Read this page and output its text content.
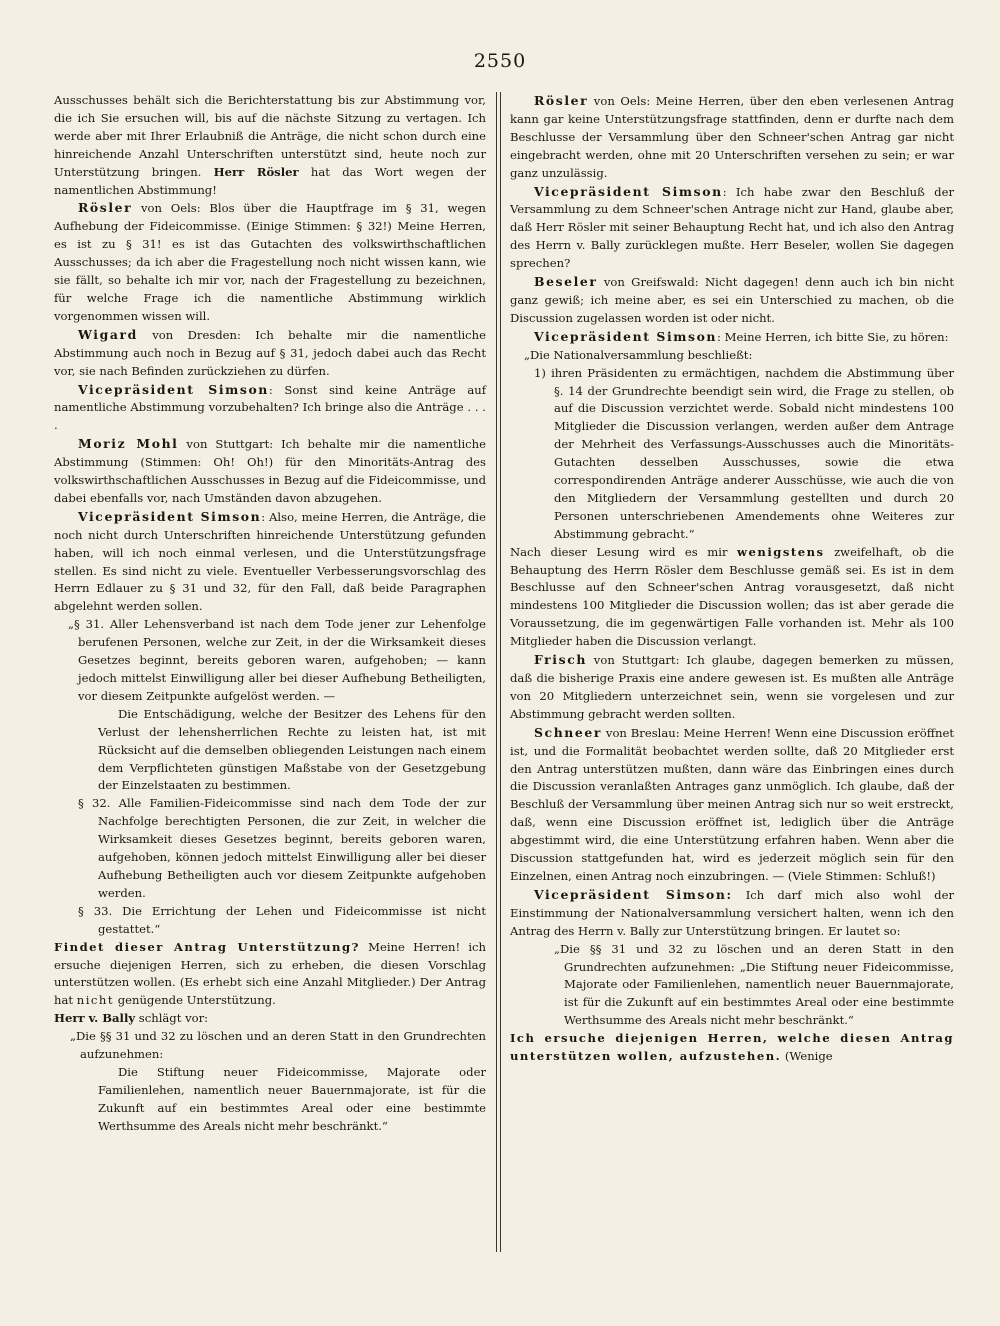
2550

Ausschusses behält sich die Berichterstattung bis zur Abstimmung vor, die ich Sie ersuchen will, bis auf die nächste Sitzung zu vertagen. Ich werde aber mit Ihrer Erlaubniß die Anträge, die nicht schon durch eine hinreichende Anzahl Unterschriften unterstützt sind, heute noch zur Unterstützung bringen. Herr Rösler hat das Wort wegen der namentlichen Abstimmung!

Rösler von Oels: Blos über die Hauptfrage im § 31, wegen Aufhebung der Fideicommisse. (Einige Stimmen: § 32!) Meine Herren, es ist zu § 31! es ist das Gutachten des volkswirthschaftlichen Ausschusses; da ich aber die Fragestellung noch nicht wissen kann, wie sie fällt, so behalte ich mir vor, nach der Fragestellung zu bezeichnen, für welche Frage ich die namentliche Abstimmung wirklich vorgenommen wissen will.

Wigard von Dresden: Ich behalte mir die namentliche Abstimmung auch noch in Bezug auf § 31, jedoch dabei auch das Recht vor, sie nach Befinden zurückziehen zu dürfen.

Vicepräsident Simson: Sonst sind keine Anträge auf namentliche Abstimmung vorzubehalten? Ich bringe also die Anträge . . . .

Moriz Mohl von Stuttgart: Ich behalte mir die namentliche Abstimmung (Stimmen: Oh! Oh!) für den Minoritäts-Antrag des volkswirthschaftlichen Ausschusses in Bezug auf die Fideicommisse, und dabei ebenfalls vor, nach Umständen davon abzugehen.

Vicepräsident Simson: Also, meine Herren, die Anträge, die noch nicht durch Unterschriften hinreichende Unterstützung gefunden haben, will ich noch einmal verlesen, und die Unterstützungsfrage stellen. Es sind nicht zu viele. Eventueller Verbesserungsvorschlag des Herrn Edlauer zu § 31 und 32, für den Fall, daß beide Paragraphen abgelehnt werden sollen.

„§ 31. Aller Lehensverband ist nach dem Tode jener zur Lehenfolge berufenen Personen, welche zur Zeit, in der die Wirksamkeit dieses Gesetzes beginnt, bereits geboren waren, aufgehoben; — kann jedoch mittelst Einwilligung aller bei dieser Aufhebung Betheiligten, vor diesem Zeitpunkte aufgelöst werden. —

Die Entschädigung, welche der Besitzer des Lehens für den Verlust der lehensherrlichen Rechte zu leisten hat, ist mit Rücksicht auf die demselben obliegenden Leistungen nach einem dem Verpflichteten günstigen Maßstabe von der Gesetzgebung der Einzelstaaten zu bestimmen.

§ 32. Alle Familien-Fideicommisse sind nach dem Tode der zur Nachfolge berechtigten Personen, die zur Zeit, in welcher die Wirksamkeit dieses Gesetzes beginnt, bereits geboren waren, aufgehoben, können jedoch mittelst Einwilligung aller bei dieser Aufhebung Betheiligten auch vor diesem Zeitpunkte aufgehoben werden.

§ 33. Die Errichtung der Lehen und Fideicommisse ist nicht gestattet.“

Findet dieser Antrag Unterstützung? Meine Herren! ich ersuche diejenigen Herren, sich zu erheben, die diesen Vorschlag unterstützen wollen. (Es erhebt sich eine Anzahl Mitglieder.) Der Antrag hat nicht genügende Unterstützung.

Herr v. Bally schlägt vor:

„Die §§ 31 und 32 zu löschen und an deren Statt in den Grundrechten aufzunehmen:

Die Stiftung neuer Fideicommisse, Majorate oder Familienlehen, namentlich neuer Bauernmajorate, ist für die Zukunft auf ein bestimmtes Areal oder eine bestimmte Werthsumme des Areals nicht mehr beschränkt.“

Rösler von Oels: Meine Herren, über den eben verlesenen Antrag kann gar keine Unterstützungsfrage stattfinden, denn er durfte nach dem Beschlusse der Versammlung über den Schneer'schen Antrag gar nicht eingebracht werden, ohne mit 20 Unterschriften versehen zu sein; er war ganz unzulässig.

Vicepräsident Simson: Ich habe zwar den Beschluß der Versammlung zu dem Schneer'schen Antrage nicht zur Hand, glaube aber, daß Herr Rösler mit seiner Behauptung Recht hat, und ich also den Antrag des Herrn v. Bally zurücklegen mußte. Herr Beseler, wollen Sie dagegen sprechen?

Beseler von Greifswald: Nicht dagegen! denn auch ich bin nicht ganz gewiß; ich meine aber, es sei ein Unterschied zu machen, ob die Discussion zugelassen worden ist oder nicht.

Vicepräsident Simson: Meine Herren, ich bitte Sie, zu hören:

„Die Nationalversammlung beschließt:

1) ihren Präsidenten zu ermächtigen, nachdem die Abstimmung über §. 14 der Grundrechte beendigt sein wird, die Frage zu stellen, ob auf die Discussion verzichtet werde. Sobald nicht mindestens 100 Mitglieder die Discussion verlangen, werden außer dem Antrage der Mehrheit des Verfassungs-Ausschusses auch die Minoritäts-Gutachten desselben Ausschusses, sowie die etwa correspondirenden Anträge anderer Ausschüsse, wie auch die von den Mitgliedern der Versammlung gestellten und durch 20 Personen unterschriebenen Amendements ohne Weiteres zur Abstimmung gebracht.“

Nach dieser Lesung wird es mir wenigstens zweifelhaft, ob die Behauptung des Herrn Rösler dem Beschlusse gemäß sei. Es ist in dem Beschlusse auf den Schneer'schen Antrag vorausgesetzt, daß nicht mindestens 100 Mitglieder die Discussion wollen; das ist aber gerade die Voraussetzung, die im gegenwärtigen Falle vorhanden ist. Mehr als 100 Mitglieder haben die Discussion verlangt.

Frisch von Stuttgart: Ich glaube, dagegen bemerken zu müssen, daß die bisherige Praxis eine andere gewesen ist. Es mußten alle Anträge von 20 Mitgliedern unterzeichnet sein, wenn sie vorgelesen und zur Abstimmung gebracht werden sollten.

Schneer von Breslau: Meine Herren! Wenn eine Discussion eröffnet ist, und die Formalität beobachtet werden sollte, daß 20 Mitglieder erst den Antrag unterstützen mußten, dann wäre das Einbringen eines durch die Discussion veranlaßten Antrages ganz unmöglich. Ich glaube, daß der Beschluß der Versammlung über meinen Antrag sich nur so weit erstreckt, daß, wenn eine Discussion eröffnet ist, lediglich über die Anträge abgestimmt wird, die eine Unterstützung erfahren haben. Wenn aber die Discussion stattgefunden hat, wird es jederzeit möglich sein für den Einzelnen, einen Antrag noch einzubringen. — (Viele Stimmen: Schluß!)

Vicepräsident Simson: Ich darf mich also wohl der Einstimmung der Nationalversammlung versichert halten, wenn ich den Antrag des Herrn v. Bally zur Unterstützung bringen. Er lautet so:

„Die §§ 31 und 32 zu löschen und an deren Statt in den Grundrechten aufzunehmen: „Die Stiftung neuer Fideicommisse, Majorate oder Familienlehen, namentlich neuer Bauernmajorate, ist für die Zukunft auf ein bestimmtes Areal oder eine bestimmte Werthsumme des Areals nicht mehr beschränkt.“

Ich ersuche diejenigen Herren, welche diesen Antrag unterstützen wollen, aufzustehen. (Wenige
